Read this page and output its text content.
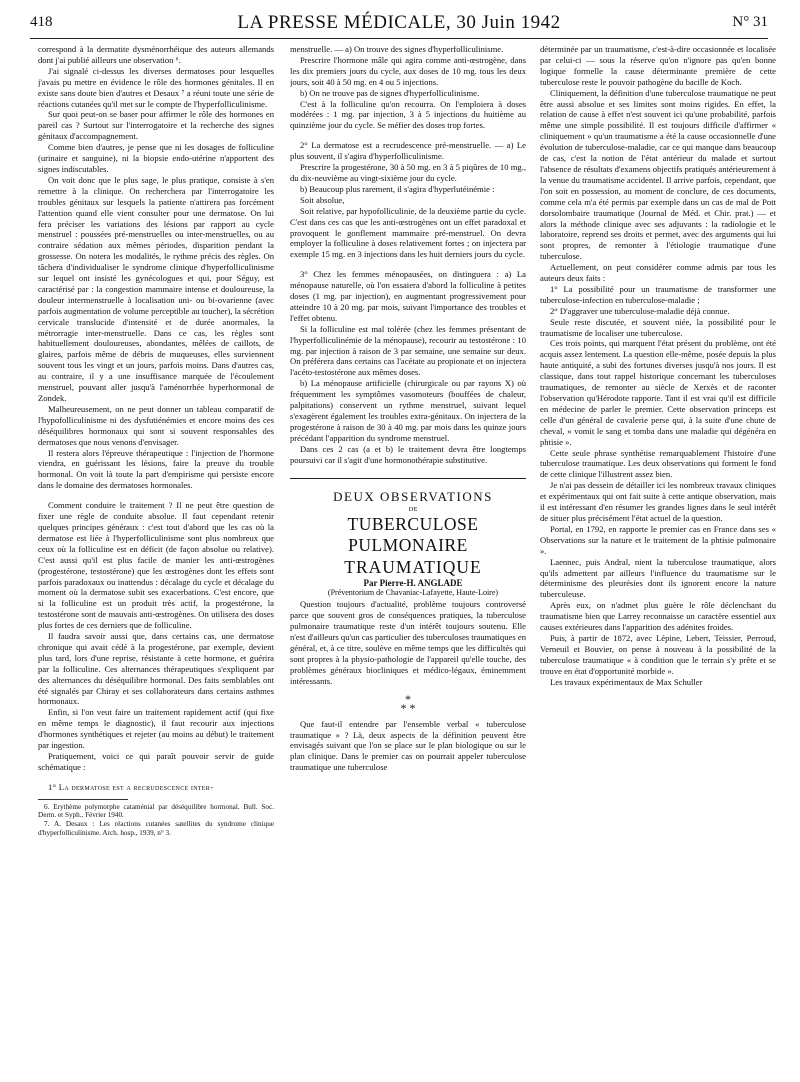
418	LA PRESSE MÉDICALE, 30 Juin 1942	N° 31

correspond à la dermatite dysménorrhéique des auteurs allemands dont j'ai publié ailleurs une observation ⁶.

J'ai signalé ci-dessus les diverses dermatoses pour lesquelles j'avais pu mettre en évidence le rôle des hormones génitales. Il en existe sans doute bien d'autres et Desaux ⁷ a réuni toute une série de réactions cutanées qu'il met sur le compte de l'hyperfolliculinisme.

Sur quoi peut-on se baser pour affirmer le rôle des hormones en pareil cas ? Surtout sur l'interrogatoire et la recherche des signes génitaux d'accompagnement.

Comme bien d'autres, je pense que ni les dosages de folliculine (urinaire et sanguine), ni la biopsie endo-utérine n'apportent des signes indiscutables.

On voit donc que le plus sage, le plus pratique, consiste à s'en remettre à la clinique. On recherchera par l'interrogatoire les troubles génitaux sur lesquels la patiente n'attirera pas forcément l'attention quand elle vient consulter pour une dermatose. On lui fera préciser les variations des lésions par rapport au cycle menstruel : poussées pré-menstruelles ou inter-menstruelles, ou au contraire sédation aux mêmes périodes, disparition pendant la grossesse. On notera les modalités, le rythme précis des règles. On tâchera d'individualiser le syndrome clinique d'hyperfolliculinisme sur lequel ont insisté les gynécologues et qui, pour Séguy, est caractérisé par : la congestion mammaire intense et douloureuse, la douleur intermenstruelle à localisation uni- ou bi-ovarienne (avec parfois augmentation de volume perceptible au toucher), la sécrétion cervicale translucide d'intensité et de durée anormales, la métrorragie inter-menstruelle. Dans ce cas, les règles sont habituellement douloureuses, abondantes, mêlées de caillots, de glaires, parfois même de débris de muqueuses, elles surviennent souvent tous les vingt et un jours, parfois moins. Dans d'autres cas, au contraire, il y a une insuffisance marquée de l'écoulement menstruel, pouvant aller jusqu'à l'aménorrhée hyperhormonal de Zondek.

Malheureusement, on ne peut donner un tableau comparatif de l'hypofolliculinisme ni des dysfutiénémies et encore moins des ces déséquilibres hormonaux qui sont si souvent responsables des dermatoses que nous venons d'envisager.

Il restera alors l'épreuve thérapeutique : l'injection de l'hormone viendra, en guérissant les lésions, faire la preuve du trouble hormonal. On voit là toute la part d'empirisme qui persiste encore dans le domaine des dermatoses hormonales.

Comment conduire le traitement ? Il ne peut être question de fixer une règle de conduite absolue. Il faut cependant retenir quelques principes généraux : c'est tout d'abord que les cas où la dermatose est liée à l'hyperfolliculinisme sont plus nombreux que ceux où la folliculine est en déficit (de façon absolue ou relative). C'est aussi qu'il est plus facile de manier les anti-œstrogènes (progestérone, testostérone) que les œstrogènes dont les effets sont parfois paradoxaux ou inattendus : décalage du cycle et décalage du moment où la dermatose subit ses exacerbations. C'est encore, que si la folliculine est un produit très actif, la progestérone, la testostérone sont de mauvais anti-œstrogènes. On utilisera des doses plus fortes de ces derniers que de folliculine.

Il faudra savoir aussi que, dans certains cas, une dermatose chronique qui avait cédé à la progestérone, par exemple, devient plus tard, lors d'une reprise, résistante à cette hormone, et guérira par la folliculine. Ces alternances thérapeutiques s'expliquent par des alternances du déséquilibre hormonal. Des faits semblables ont été signalés par Chiray et ses collaborateurs dans certains asthmes hormonaux.

Enfin, si l'on veut faire un traitement rapidement actif (qui fixe en même temps le diagnostic), il faut recourir aux injections d'hormones synthétiques et rejeter (au moins au début) le traitement par ingestion.

Pratiquement, voici ce qui paraît pouvoir servir de guide schématique :

1° La dermatose est a recrudescence inter-

6. Erythème polymorphe cataménial par déséquilibre hormonal. Bull. Soc. Derm. et Syph., Février 1940.

7. A. Desaux : Les réactions cutanées satellites du syndrome clinique d'hyperfolliculinisme. Arch. hosp., 1939, n° 3.

menstruelle. — a) On trouve des signes d'hyperfolliculinisme.

Prescrire l'hormone mâle qui agira comme anti-œstrogène, dans les dix premiers jours du cycle, aux doses de 10 mg. tous les deux jours, soit 40 à 50 mg. en 4 ou 5 injections.

b) On ne trouve pas de signes d'hyperfolliculinisme.

C'est à la folliculine qu'on recourra. On l'emploiera à doses modérées : 1 mg. par injection, 3 à 5 injections du huitième au quinzième jour du cycle. Se méfier des doses trop fortes.

2° La dermatose est a recrudescence pré-menstruelle. — a) Le plus souvent, il s'agira d'hyperfolliculinisme.

Prescrire la progestérone, 30 à 50 mg. en 3 à 5 piqûres de 10 mg., du dix-neuvième au vingt-sixième jour du cycle.

b) Beaucoup plus rarement, il s'agira d'hyperlutéinémie :

Soit absolue,

Soit relative, par hypofolliculinie, de la deuxième partie du cycle. C'est dans ces cas que les anti-œstrogènes ont un effet paradoxal et provoquent le gonflement mammaire pré-menstruel. On devra employer la folliculine à doses relativement fortes ; on injectera par exemple 15 mg. en 3 injections dans les huit derniers jours du cycle.

3° Chez les femmes ménopausées, on distinguera : a) La ménopause naturelle, où l'on essaiera d'abord la folliculine à petites doses (1 mg. par injection), en augmentant progressivement pour atteindre 10 à 20 mg. par mois, suivant l'importance des troubles et l'effet obtenu.

Si la folliculine est mal tolérée (chez les femmes présentant de l'hyperfolliculinémie de la ménopause), recourir au testostérone : 10 mg. par injection à raison de 3 par semaine, une semaine sur deux. On préférera dans certains cas l'acétate au propionate et on injectera l'acéto-testostérone aux mêmes doses.

b) La ménopause artificielle (chirurgicale ou par rayons X) où fréquemment les symptômes vasomoteurs (bouffées de chaleur, palpitations) conservent un rythme menstruel, suivant lequel s'exagèrent également les troubles extra-génitaux. On injectera de la progestérone à raison de 30 à 40 mg. par mois dans les quinze jours précédant l'apparition du syndrome menstruel.

Dans ces 2 cas (a et b) le traitement devra être longtemps poursuivi car il s'agit d'une hormonothérapie substitutive.

DEUX OBSERVATIONS

DE

TUBERCULOSE PULMONAIRE

TRAUMATIQUE

Par Pierre-H. ANGLADE

(Préventorium de Chavaniac-Lafayette, Haute-Loire)

Question toujours d'actualité, problème toujours controversé parce que souvent gros de conséquences pratiques, la tuberculose pulmonaire traumatique reste d'un intérêt toujours soutenu. Elle n'est d'ailleurs qu'un cas particulier des tuberculoses traumatiques en général, et, à ce titre, soulève en même temps que les difficultés qui sont propres à la physio-pathologie de l'appareil qu'elle touche, des problèmes généraux biocliniques et médico-légaux, éminemment intéressants.

*
* *

Que faut-il entendre par l'ensemble verbal « tuberculose traumatique » ? Là, deux aspects de la définition peuvent être envisagés suivant que l'on se place sur le plan biologique ou sur le plan clinique. Dans le premier cas on pourrait appeler tuberculose traumatique une tuberculose

déterminée par un traumatisme, c'est-à-dire occasionnée et localisée par celui-ci — sous la réserve qu'on n'ignore pas qu'en bonne logique formelle la cause déterminante première de cette tuberculose reste le pouvoir pathogène du bacille de Koch.

Cliniquement, la définition d'une tuberculose traumatique ne peut être aussi absolue et ses limites sont moins rigides. En effet, la relation de cause à effet n'est souvent ici qu'une probabilité, parfois même une simple possibilité. Il est toujours difficile d'affirmer « cliniquement » qu'un traumatisme a été la cause occasionnelle d'une évolution de tuberculose-maladie, car ce qui manque dans beaucoup de cas, c'est la notion de l'état antérieur du malade et surtout l'absence de résultats d'examens objectifs pratiqués antérieurement à la venue du traumatisme accidentel. Il arrive parfois, cependant, que l'on soit en possession, au moment de conclure, de ces documents, comme cela m'a été permis par exemple dans un cas de mal de Pott dorsolombaire traumatique (Journal de Méd. et Chir. prat.) — et alors la méthode clinique avec ses adjuvants : la radiologie et le laboratoire, reprend ses droits et permet, avec des arguments qui lui sont propres, de remonter à l'étiologie traumatique d'une tuberculose.

Actuellement, on peut considérer comme admis par tous les auteurs deux faits :

1° La possibilité pour un traumatisme de transformer une tuberculose-infection en tuberculose-maladie ;

2° D'aggraver une tuberculose-maladie déjà connue.

Seule reste discutée, et souvent niée, la possibilité pour le traumatisme de localiser une tuberculose.

Ces trois points, qui marquent l'état présent du problème, ont été acquis assez lentement. La question elle-même, posée depuis la plus haute antiquité, a subi des fortunes diverses jusqu'à nos jours. Il est classique, dans tout rappel historique concernant les tuberculoses traumatiques, de remonter au siècle de Xerxès et de raconter l'observation qu'Hérodote rapporte. Tant il est vrai qu'il est difficile en médecine de parler le premier. Cette observation princeps est celle d'un général de cavalerie perse qui, à la suite d'une chute de cheval, « vomit le sang et tomba dans une maladie qui dégénéra en phtisie ».

Cette seule phrase synthétise remarquablement l'histoire d'une tuberculose traumatique. Les deux observations qui forment le fond de cette clinique l'illustrent assez bien.

Je n'ai pas dessein de détailler ici les nombreux travaux cliniques et expérimentaux qui ont fait suite à cette antique observation, mais il est intéressant d'en résumer les grandes lignes dans le seul intérêt de situer plus précisément l'état actuel de la question.

Portal, en 1792, en rapporte le premier cas en France dans ses « Observations sur la nature et le traitement de la phtisie pulmonaire ».

Laennec, puis Andral, nient la tuberculose traumatique, alors qu'ils admettent par ailleurs l'influence du traumatisme sur le déterminisme des pleurésies dont ils ignorent encore la nature tuberculeuse.

Après eux, on n'admet plus guère le rôle déclenchant du traumatisme bien que Larrey reconnaisse un caractère essentiel aux causes extérieures dans l'apparition des adénites froides.

Puis, à partir de 1872, avec Lépine, Lebert, Teissier, Perroud, Verneuil et Bouvier, on pense à nouveau à la possibilité de la tuberculose traumatique « à condition que le terrain s'y prête et se trouve en état d'opportunité morbide ».

Les travaux expérimentaux de Max Schuller
